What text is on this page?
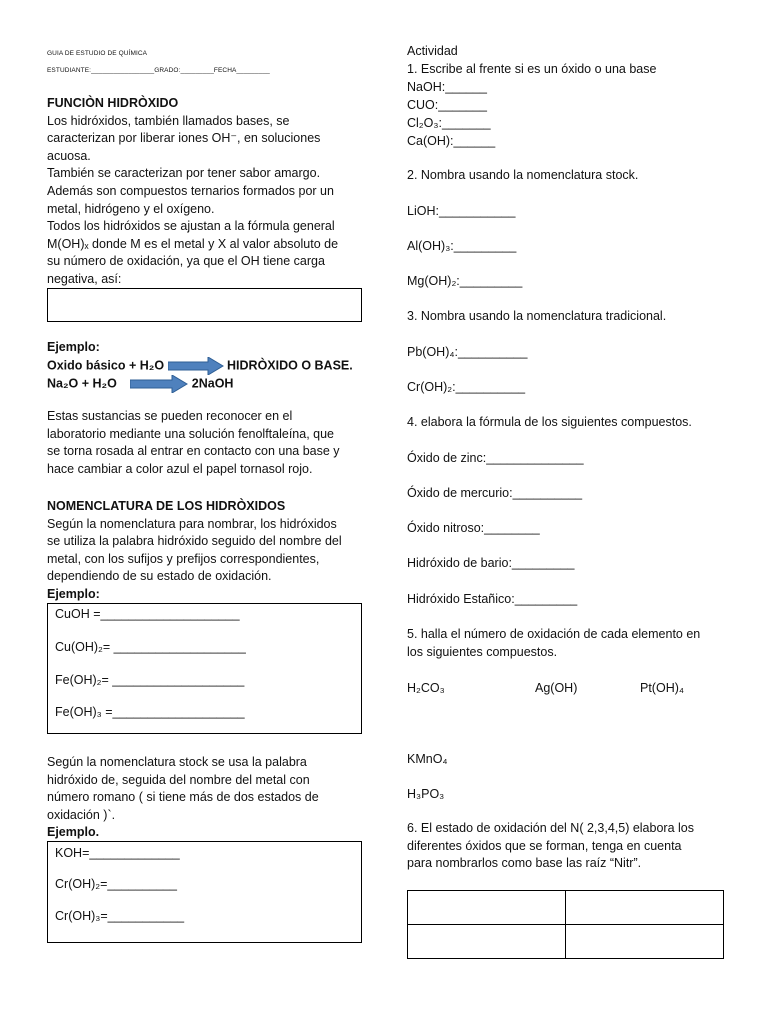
GUIA DE ESTUDIO DE QUÍMICA
ESTUDIANTE:_________________GRADO:_________FECHA_________
FUNCIÒN HIDRÒXIDO
Los hidróxidos, también llamados bases, se
caracterizan por liberar iones OH⁻, en soluciones
acuosa.
También se caracterizan por tener sabor amargo.
Además son compuestos ternarios formados por un
metal, hidrógeno y el oxígeno.
Todos los hidróxidos se ajustan a la fórmula general
M(OH)ₓ donde M es el metal y X al valor absoluto de
su número de oxidación, ya que el OH tiene carga
negativa, así:
Ejemplo:
Oxido básico + H₂O	HIDRÒXIDO O BASE.
Na₂O + H₂O	2NaOH
Estas sustancias se pueden reconocer en el
laboratorio mediante una solución fenolftaleína, que
se torna rosada al entrar en contacto con una base y
hace cambiar a color azul el papel tornasol rojo.
NOMENCLATURA DE LOS HIDRÒXIDOS
Según la nomenclatura para nombrar, los hidróxidos
se utiliza la palabra hidróxido seguido del nombre del
metal, con los sufijos y prefijos correspondientes,
dependiendo de su estado de oxidación.
Ejemplo:
CuOH =____________________
Cu(OH)₂= ___________________
Fe(OH)₂= ___________________
Fe(OH)₃ =___________________
Según la nomenclatura stock se usa la palabra
hidróxido de, seguida del nombre del metal con
número romano ( si tiene más de dos estados de
oxidación )`.
Ejemplo.
KOH=_____________
Cr(OH)₂=__________
Cr(OH)₃=___________
Actividad
1. Escribe al frente si es un óxido o una base
NaOH:______
CUO:_______
Cl₂O₃:_______
Ca(OH):______
2. Nombra usando la nomenclatura stock.
LiOH:___________
Al(OH)₃:_________
Mg(OH)₂:_________
3. Nombra usando la nomenclatura tradicional.
Pb(OH)₄:__________
Cr(OH)₂:__________
4. elabora la fórmula de los siguientes compuestos.
Óxido de zinc:______________
Óxido de mercurio:__________
Óxido nitroso:________
Hidróxido de bario:_________
Hidróxido Estañico:_________
5. halla el número de oxidación de cada elemento en
los siguientes compuestos.
H₂CO₃	Ag(OH)	Pt(OH)₄
KMnO₄
H₃PO₃
6. El estado de oxidación del N( 2,3,4,5) elabora los
diferentes óxidos que se forman, tenga en cuenta
para nombrarlos como base las raíz “Nitr”.
